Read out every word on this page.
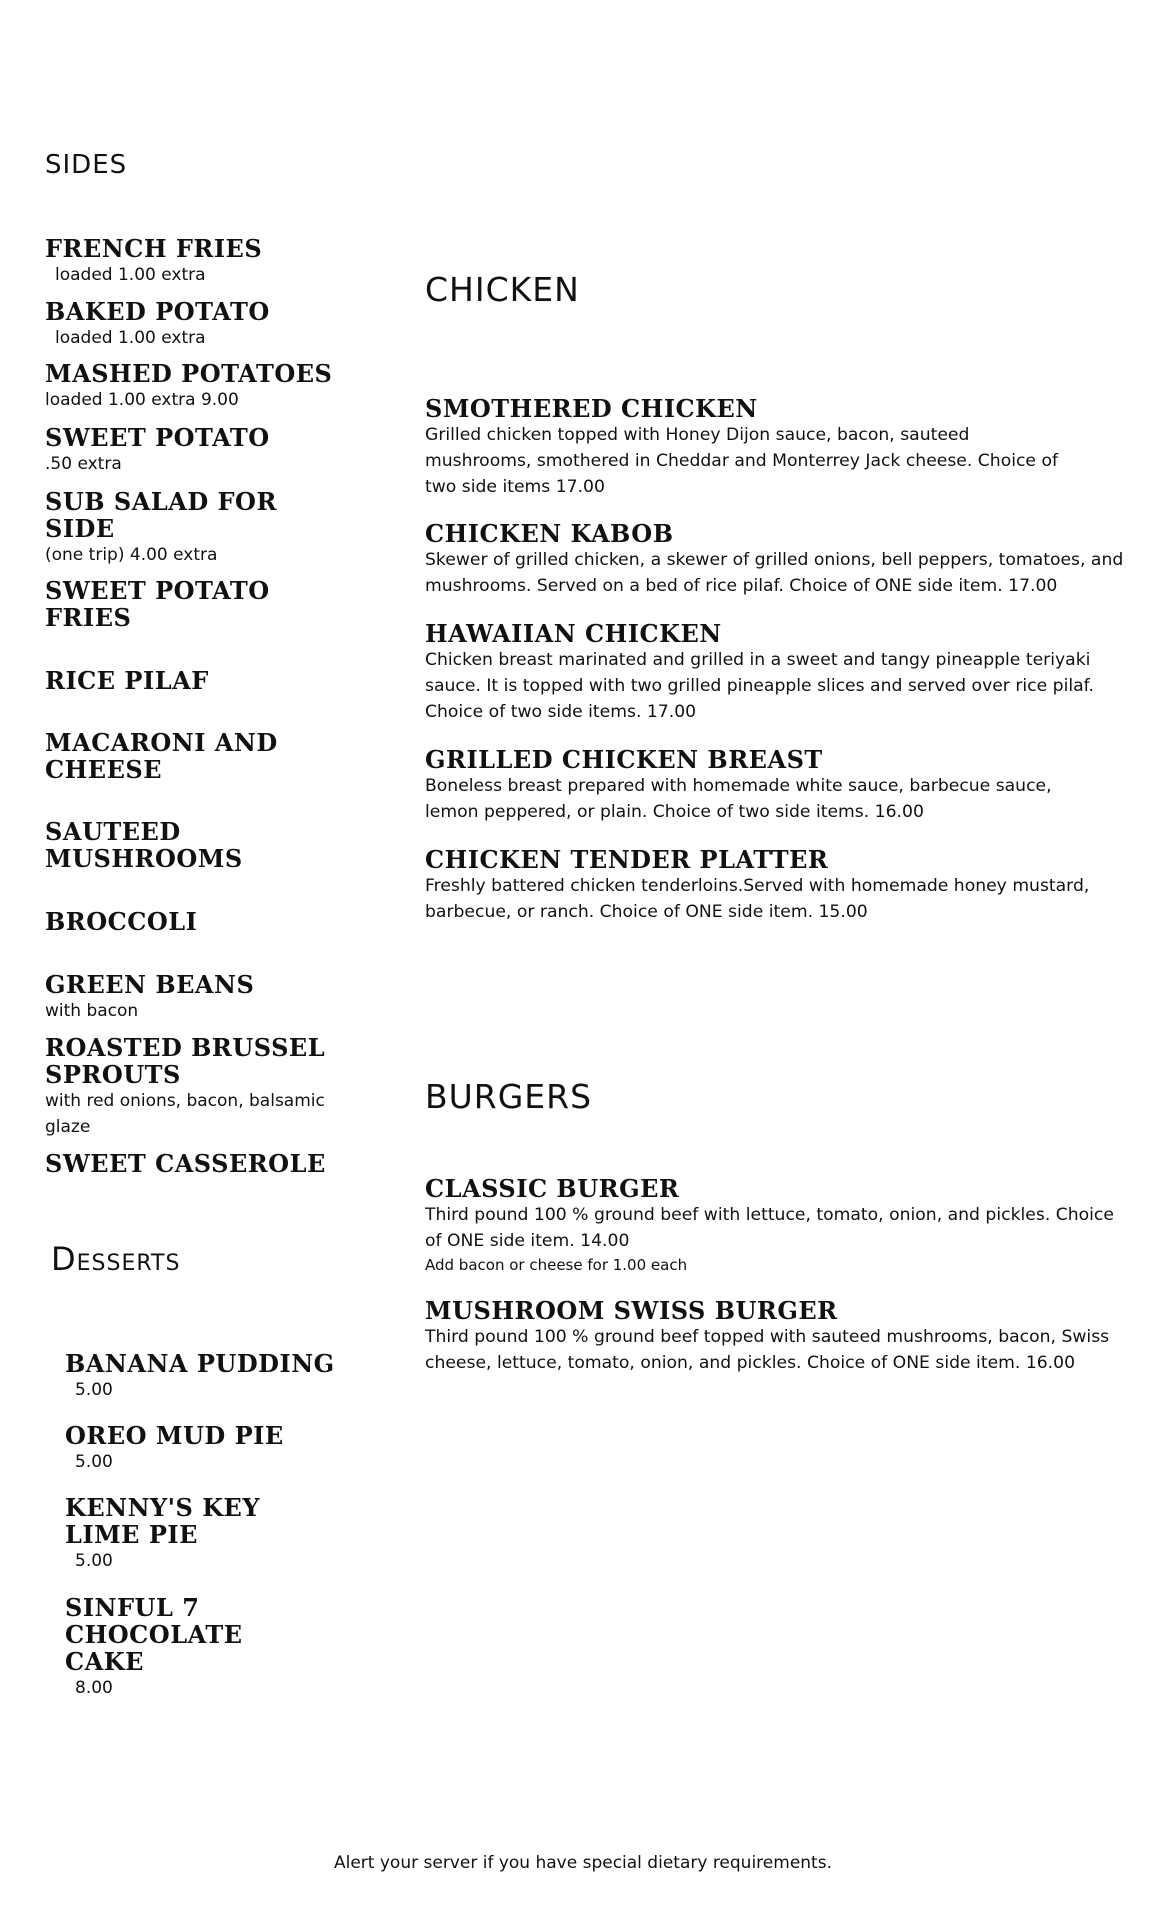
SIDES
FRENCH FRIES
loaded 1.00 extra
BAKED POTATO
loaded 1.00 extra
MASHED POTATOES
loaded 1.00 extra 9.00
SWEET POTATO
.50 extra
SUB SALAD FOR SIDE
(one trip) 4.00 extra
SWEET POTATO FRIES
RICE PILAF
MACARONI AND CHEESE
SAUTEED MUSHROOMS
BROCCOLI
GREEN BEANS
with bacon
ROASTED BRUSSEL SPROUTS
with red onions, bacon, balsamic glaze
SWEET CASSEROLE
Desserts
BANANA PUDDING
5.00
OREO MUD PIE
5.00
KENNY'S KEY LIME PIE
5.00
SINFUL 7 CHOCOLATE CAKE
8.00
CHICKEN
SMOTHERED CHICKEN
Grilled chicken topped with Honey Dijon sauce, bacon, sauteed mushrooms, smothered in Cheddar and Monterrey Jack cheese. Choice of two side items 17.00
CHICKEN KABOB
Skewer of grilled chicken, a skewer of grilled onions, bell peppers, tomatoes, and mushrooms. Served on a bed of rice pilaf. Choice of ONE side item. 17.00
HAWAIIAN CHICKEN
Chicken breast marinated and grilled in a sweet and tangy pineapple teriyaki sauce. It is topped with two grilled pineapple slices and served over rice pilaf. Choice of two side items. 17.00
GRILLED CHICKEN BREAST
Boneless breast prepared with homemade white sauce, barbecue sauce, lemon peppered, or plain. Choice of two side items. 16.00
CHICKEN TENDER PLATTER
Freshly battered chicken tenderloins.Served with homemade honey mustard, barbecue, or ranch. Choice of ONE side item. 15.00
BURGERS
CLASSIC BURGER
Third pound 100 % ground beef with lettuce, tomato, onion, and pickles. Choice of ONE side item. 14.00
Add bacon or cheese for 1.00 each
MUSHROOM SWISS BURGER
Third pound 100 % ground beef topped with sauteed mushrooms, bacon, Swiss cheese, lettuce, tomato, onion, and pickles. Choice of ONE side item. 16.00
Alert your server if you have special dietary requirements.
